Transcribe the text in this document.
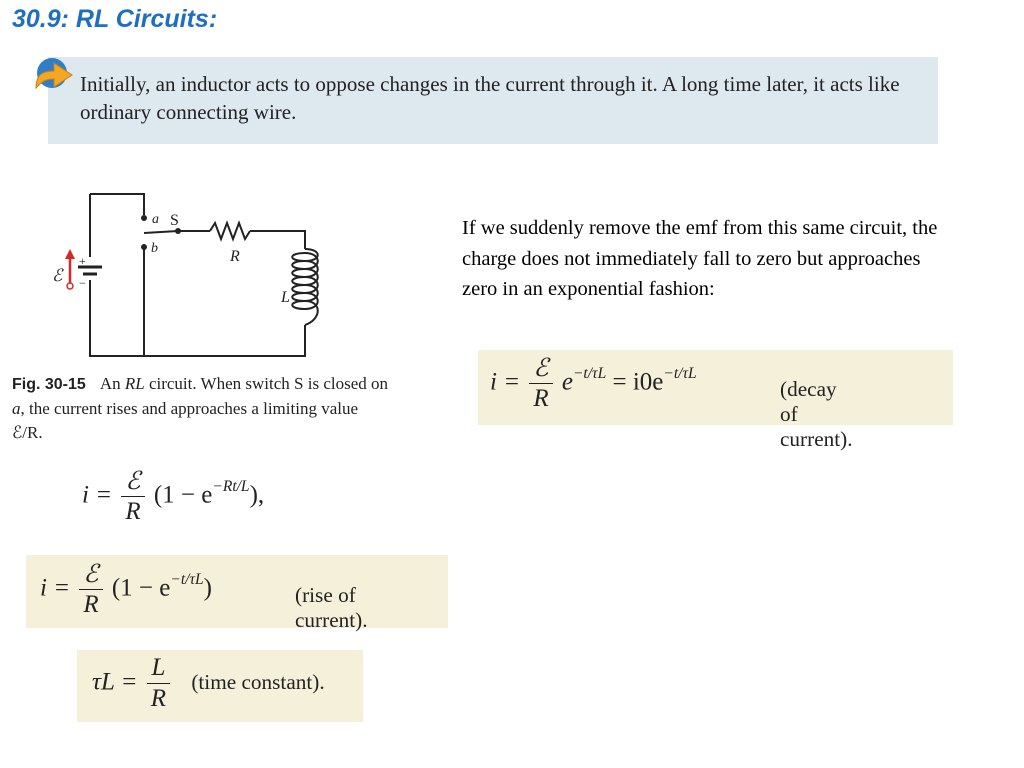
30.9: RL Circuits:
Initially, an inductor acts to oppose changes in the current through it. A long time later, it acts like ordinary connecting wire.
a S
b	R
L
ℰ
+
−
Fig. 30-15 An RL circuit. When switch S is closed on a, the current rises and approaches a limiting value ℰ/R.
If we suddenly remove the emf from this same circuit, the charge does not immediately fall to zero but approaches zero in an exponential fashion:
$i = \frac{\text{ℰ}}{R} (1 - e^{-Rt/L})$,
$i = \frac{\text{ℰ}}{R} (1 - e^{-t/\tau L})$	(rise of current).
$\tau L = \frac{L}{R}$ (time constant).
$i = \frac{\text{ℰ}}{R} e^{-t/\tau L} = i0e^{-t/\tau L}$
(decay of current).
